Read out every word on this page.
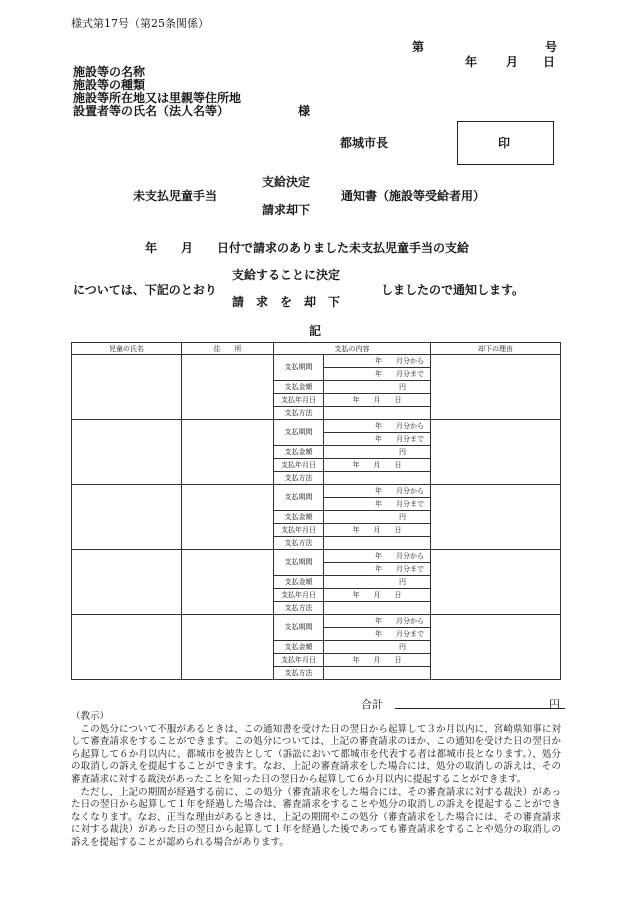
様式第17号（第25条関係）
第	号
年 月 日
施設等の名称
施設等の種類
施設等所在地又は里親等住所地
設置者等の氏名（法人名等）	様
都城市長	印
未支払児童手当
支給決定
請求却下
通知書（施設等受給者用）
年　　月　　日付で請求のありました未支払児童手当の支給
については、下記のとおり
支給することに決定
請　求　を　却　下
しましたので通知します。
記
児童の氏名	住　　所	支払の内容		却下の理由
		支払期間	年　　月分から	
			年　　月分まで	
		支払金額	円	
		支払年月日	年　　月　　日	
		支払方法		
		支払期間	年　　月分から	
			年　　月分まで	
		支払金額	円	
		支払年月日	年　　月　　日	
		支払方法		
		支払期間	年　　月分から	
			年　　月分まで	
		支払金額	円	
		支払年月日	年　　月　　日	
		支払方法		
		支払期間	年　　月分から	
			年　　月分まで	
		支払金額	円	
		支払年月日	年　　月　　日	
		支払方法		
		支払期間	年　　月分から	
			年　　月分まで	
		支払金額	円	
		支払年月日	年　　月　　日	
		支払方法		
合計	円

（教示）

この処分について不服があるときは、この通知書を受けた日の翌日から起算して３か月以内に、宮崎県知事に対して審査請求をすることができます。この処分については、上記の審査請求のほか、この通知を受けた日の翌日から起算して６か月以内に、都城市を被告として（訴訟において都城市を代表する者は都城市長となります。）、処分の取消しの訴えを提起することができます。なお、上記の審査請求をした場合には、処分の取消しの訴えは、その審査請求に対する裁決があったことを知った日の翌日から起算して６か月以内に提起することができます。

ただし、上記の期間が経過する前に、この処分（審査請求をした場合には、その審査請求に対する裁決）があった日の翌日から起算して１年を経過した場合は、審査請求をすることや処分の取消しの訴えを提起することができなくなります。なお、正当な理由があるときは、上記の期間やこの処分（審査請求をした場合には、その審査請求に対する裁決）があった日の翌日から起算して１年を経過した後であっても審査請求をすることや処分の取消しの訴えを提起することが認められる場合があります。
